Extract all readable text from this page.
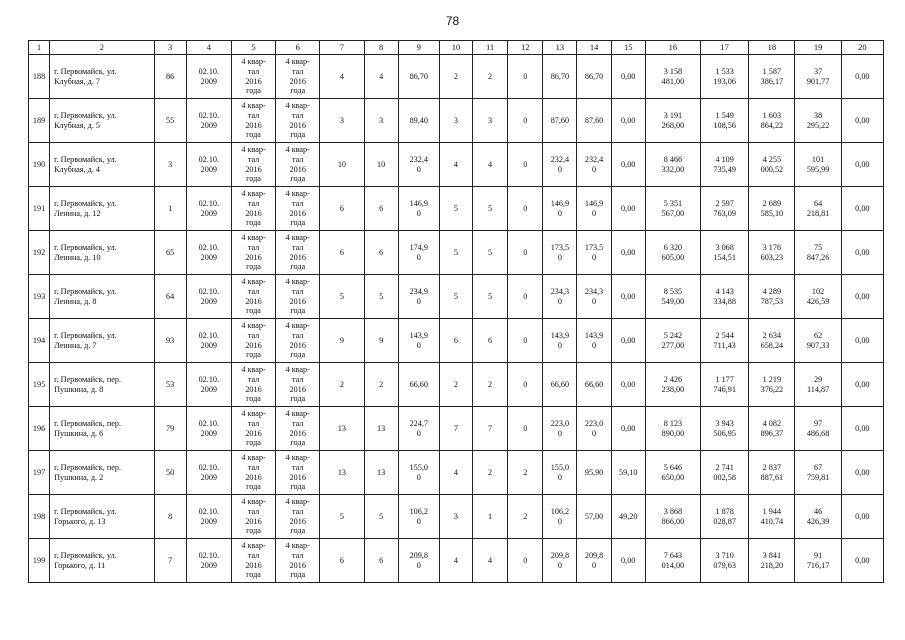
78
1	2	3	4	5	6	7	8	9	10	11	12	13	14	15	16	17	18	19	20
188	г. Первомайск, ул.
Клубная, д. 7	86	02.10.
2009	4 квар-
тал
2016
года	4 квар-
тал
2016
года	4	4	86,70	2	2	0	86,70	86,70	0,00	3 158
481,00	1 533
193,06	1 587
386,17	37
901,77	0,00
189	г. Первомайск, ул.
Клубная, д. 5	55	02.10.
2009	4 квар-
тал
2016
года	4 квар-
тал
2016
года	3	3	89,40	3	3	0	87,60	87,60	0,00	3 191
268,00	1 549
108,56	1 603
864,22	38
295,22	0,00
190	г. Первомайск, ул.
Клубная, д. 4	3	02.10.
2009	4 квар-
тал
2016
года	4 квар-
тал
2016
года	10	10	232,4
0	4	4	0	232,4
0	232,4
0	0,00	8 466
332,00	4 109
735,49	4 255
000,52	101
595,99	0,00
191	г. Первомайск, ул.
Ленина, д. 12	1	02.10.
2009	4 квар-
тал
2016
года	4 квар-
тал
2016
года	6	6	146,9
0	5	5	0	146,9
0	146,9
0	0,00	5 351
567,00	2 597
763,09	2 689
585,10	64
218,81	0,00
192	г. Первомайск, ул.
Ленина, д. 10	65	02.10.
2009	4 квар-
тал
2016
года	4 квар-
тал
2016
года	6	6	174,9
0	5	5	0	173,5
0	173,5
0	0,00	6 320
605,00	3 068
154,51	3 176
603,23	75
847,26	0,00
193	г. Первомайск, ул.
Ленина, д. 8	64	02.10.
2009	4 квар-
тал
2016
года	4 квар-
тал
2016
года	5	5	234,9
0	5	5	0	234,3
0	234,3
0	0,00	8 535
549,00	4 143
334,88	4 289
787,53	102
426,59	0,00
194	г. Первомайск, ул.
Ленина, д. 7	93	02.10.
2009	4 квар-
тал
2016
года	4 квар-
тал
2016
года	9	9	143,9
0	6	6	0	143,9
0	143,9
0	0,00	5 242
277,00	2 544
711,43	2 634
658,24	62
907,33	0,00
195	г. Первомайск, пер.
Пушкина, д. 8	53	02.10.
2009	4 квар-
тал
2016
года	4 квар-
тал
2016
года	2	2	66,60	2	2	0	66,60	66,60	0,00	2 426
238,00	1 177
746,91	1 219
376,22	29
114,87	0,00
196	г. Первомайск, пер.
Пушкина, д. 6	79	02.10.
2009	4 квар-
тал
2016
года	4 квар-
тал
2016
года	13	13	224,7
0	7	7	0	223,0
0	223,0
0	0,00	8 123
890,00	3 943
506,95	4 082
896,37	97
486,68	0,00
197	г. Первомайск, пер.
Пушкина, д. 2	50	02.10.
2009	4 квар-
тал
2016
года	4 квар-
тал
2016
года	13	13	155,0
0	4	2	2	155,0
0	95,90	59,10	5 646
650,00	2 741
002,58	2 837
887,61	67
759,81	0,00
198	г. Первомайск, ул.
Горького, д. 13	8	02.10.
2009	4 квар-
тал
2016
года	4 квар-
тал
2016
года	5	5	106,2
0	3	1	2	106,2
0	57,00	49,20	3 868
866,00	1 878
028,87	1 944
410,74	46
426,39	0,00
199	г. Первомайск, ул.
Горького, д. 11	7	02.10.
2009	4 квар-
тал
2016
года	4 квар-
тал
2016
года	6	6	209,8
0	4	4	0	209,8
0	209,8
0	0,00	7 643
014,00	3 710
079,63	3 841
218,20	91
716,17	0,00
